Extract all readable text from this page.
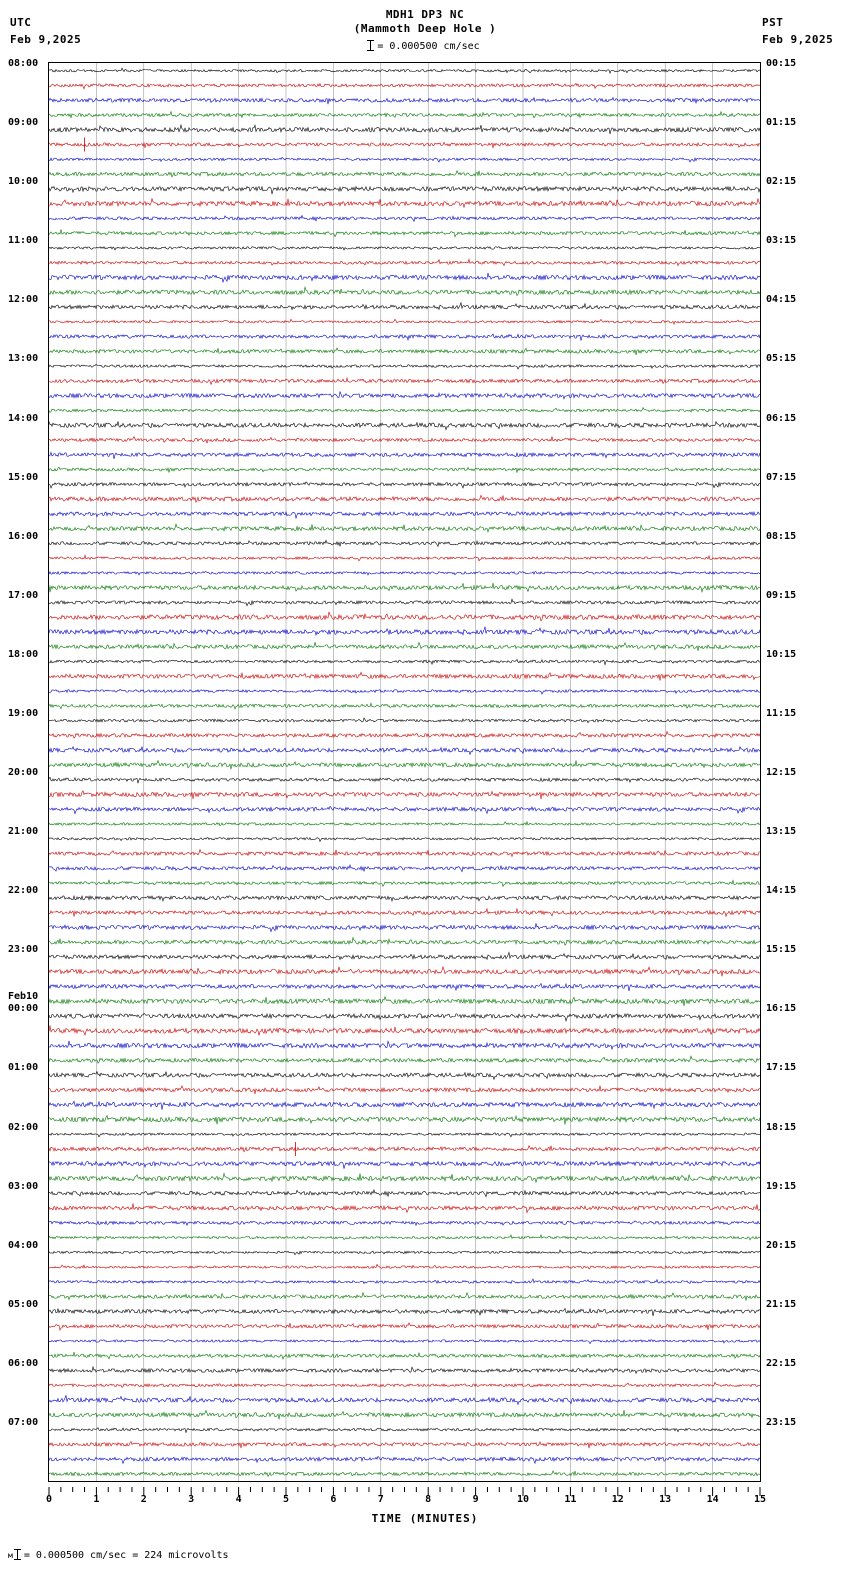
UTC
Feb 9,2025
PST
Feb 9,2025
MDH1 DP3 NC
(Mammoth Deep Hole )
= 0.000500 cm/sec
08:00
09:00
10:00
11:00
12:00
13:00
14:00
15:00
16:00
17:00
18:00
19:00
20:00
21:00
22:00
23:00
Feb10
00:00
01:00
02:00
03:00
04:00
05:00
06:00
07:00
00:15
01:15
02:15
03:15
04:15
05:15
06:15
07:15
08:15
09:15
10:15
11:15
12:15
13:15
14:15
15:15
16:15
17:15
18:15
19:15
20:15
21:15
22:15
23:15
0	1	2	3	4	5	6	7	8	9	10	11	12	13	14	15
TIME (MINUTES)
м = 0.000500 cm/sec = 224 microvolts
